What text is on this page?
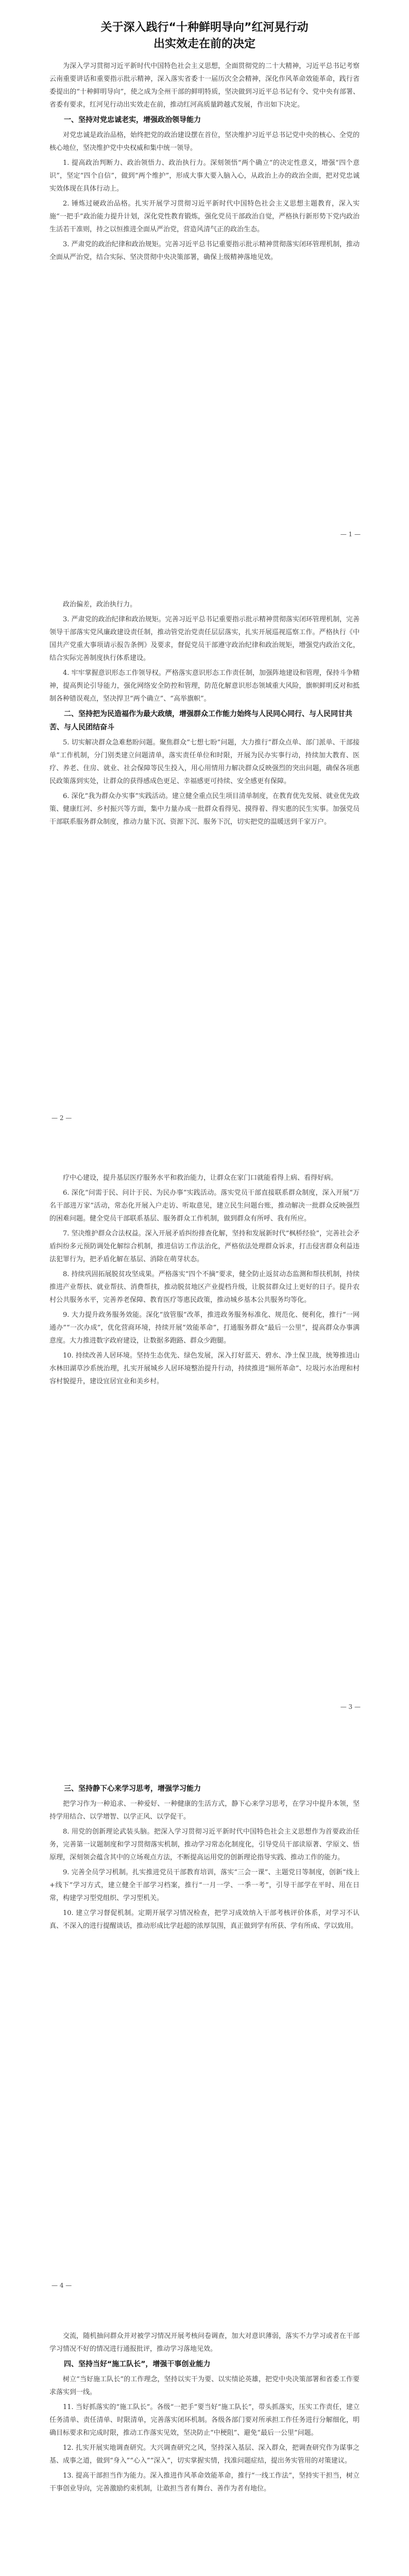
关于深入践行“十种鲜明导向”红河晃行动
出实效走在前的决定

为深入学习贯彻习近平新时代中国特色社会主义思想，全面贯彻党的二十大精神，习近平总书记考察云南重要讲话和重要指示批示精神，深入落实省委十一届历次全会精神，深化作风革命效能革命，践行省委提出的“十种鲜明导向”，使之成为全州干部的鲜明特质，坚决做到习近平总书记有令、党中央有部署、省委有要求，红河见行动出实效走在前，推动红河高质量跨越式发展，作出如下决定。

一、坚持对党忠诚老实，增强政治领导能力

对党忠诚是政治品格，始终把党的政治建设摆在首位，坚决维护习近平总书记党中央的核心、全党的核心地位，坚决维护党中央权威和集中统一领导。

1. 提高政治判断力、政治领悟力、政治执行力。深刻领悟“两个确立”的决定性意义，增强“四个意识”，坚定“四个自信”，做到“两个维护”，形成大事大要入脑入心，从政治上办的政治全面，把对党忠诚实效体现在具体行动上。

2. 锤炼过硬政治品格。扎实开展学习贯彻习近平新时代中国特色社会主义思想主题教育，深入实施“一把手”政治能力提升计划，深化党性教育锻炼，强化党员干部政治自觉，严格执行新形势下党内政治生活若干准则，持之以恒推进全面从严治党，营造风清气正的政治生态。

3. 严肃党的政治纪律和政治规矩。完善习近平总书记重要指示批示精神贯彻落实闭环管理机制，推动全面从严治党，结合实际、坚决贯彻中央决策部署，确保上级精神落地见效。

— 1 —

政治偏差，政治执行力。

3. 严肃党的政治纪律和政治规矩。完善习近平总书记重要指示批示精神贯彻落实闭环管理机制，完善领导干部落实党风廉政建设责任制，推动管党治党责任层层落实，扎实开展巡视巡察工作。严格执行《中国共产党重大事项请示报告条例》及要求，督促党员干部遵守政治纪律和政治规矩，增强党内政治文化，结合实际完善制度执行体系建设。

4. 牢牢掌握意识形态工作领导权。严格落实意识形态工作责任制，加强阵地建设和管理，保持斗争精神，提高舆论引导能力，强化网络安全防控和管理，防范化解意识形态领域重大风险，旗帜鲜明反对和抵制各种错误观点，坚决捍卫“两个确立”、“高举旗帜”。

二、坚持把为民造福作为最大政绩，增强群众工作能力始终与人民同心同行、与人民同甘共苦、与人民团结奋斗

5. 切实解决群众急难愁盼问题。聚焦群众“七想七盼”问题，大力推行“群众点单、部门派单、干部接单”工作机制，分门别类建立问题清单，落实责任单位和时限，开展为民办实事行动，持续加大教育、医疗、养老、住房、就业、社会保障等民生投入，用心用情用力解决群众反映强烈的突出问题，确保各项惠民政策落到实处，让群众的获得感成色更足、幸福感更可持续、安全感更有保障。

6. 深化“我为群众办实事”实践活动。建立健全重点民生项目清单制度，在教育优先发展、就业优先政策、健康红河、乡村振兴等方面，集中力量办成一批群众看得见、摸得着、得实惠的民生实事。加强党员干部联系服务群众制度，推动力量下沉、资源下沉、服务下沉，切实把党的温暖送到千家万户。

— 2 —

疗中心建设，提升基层医疗服务水平和救治能力，让群众在家门口就能看得上病、看得好病。

6. 深化“问需于民、问计于民、为民办事”实践活动。落实党员干部直接联系群众制度，深入开展“万名干部进万家”活动，常态化开展入户走访、听取意见，建立民生问题台账，推动解决一批群众反映强烈的困难问题。健全党员干部联系基层、服务群众工作机制，做到群众有所呼、我有所应。

7. 坚决维护群众合法权益。深入开展矛盾纠纷排查化解，坚持和发展新时代“枫桥经验”，完善社会矛盾纠纷多元预防调处化解综合机制，推进信访工作法治化，严格依法处理群众诉求，打击侵害群众利益违法犯罪行为，把矛盾化解在基层、消除在萌芽状态。

8. 持续巩固拓展脱贫攻坚成果。严格落实“四个不摘”要求，健全防止返贫动态监测和帮扶机制，持续推进产业帮扶、就业帮扶、消费帮扶，推动脱贫地区产业提档升级，让脱贫群众过上更好的日子。提升农村公共服务水平，完善养老保障、教育医疗等惠民政策，推动城乡基本公共服务均等化。

9. 大力提升政务服务效能。深化“放管服”改革，推进政务服务标准化、规范化、便利化，推行“一网通办”“一次办成”，优化营商环境，持续开展“效能革命”，打通服务群众“最后一公里”，提高群众办事满意度。大力推进数字政府建设，让数据多跑路、群众少跑腿。

10. 持续改善人居环境。坚持生态优先、绿色发展，深入打好蓝天、碧水、净土保卫战，统筹推进山水林田湖草沙系统治理，扎实开展城乡人居环境整治提升行动，持续推进“厕所革命”、垃圾污水治理和村容村貌提升，建设宜居宜业和美乡村。

— 3 —

三、坚持静下心来学习思考，增强学习能力

把学习作为一种追求、一种爱好、一种健康的生活方式，静下心来学习思考，在学习中提升本领，坚持学用结合、以学增智、以学正风、以学促干。

8. 用党的创新理论武装头脑。把深入学习贯彻习近平新时代中国特色社会主义思想作为首要政治任务，完善第一议题制度和学习贯彻落实机制，推动学习常态化制度化，引导党员干部读原著、学原文、悟原理，深刻领会蕴含其中的立场观点方法，不断提高运用党的创新理论指导实践、推动工作的能力。

9. 完善全员学习机制。扎实推进党员干部教育培训，落实“三会一课”、主题党日等制度，创新“线上+线下”学习方式，建立健全干部学习档案，推行“一月一学、一季一考”，引导干部学在平时、用在日常，构建学习型党组织、学习型机关。

10. 建立学习督促机制。定期开展学习情况检查，把学习成效纳入干部考核评价体系，对学习不认真、不深入的进行提醒谈话，推动形成比学赶超的浓厚氛围，真正做到学有所获、学有所成、学以致用。

— 4 —

交流，随机抽问群众并对被学习情况开展考核问卷调查，加大对意识薄弱，落实不力学习或者在干部学习情况不好的情况进行通报批评，推动学习落地见效。

四、坚持当好“施工队长”，增强干事创业能力

树立“当好施工队长”的工作理念，坚持以实干为要、以实绩论英雄，把党中央决策部署和省委工作要求落实到一线。

11. 当好抓落实的“施工队长”。各级“一把手”要当好“施工队长”，带头抓落实，压实工作责任，建立任务清单、责任清单、时限清单，完善落实闭环机制。各级各部门要对所承担工作任务进行分解细化，明确目标要求和完成时限，推动工作落实见效，坚决防止“中梗阻”、避免“最后一公里”问题。

12. 扎实开展实地调查研究。大兴调查研究之风，坚持深入基层、深入群众，把调查研究作为谋事之基、成事之道，做到“身入”“心入”“深入”，切实掌握实情，找准问题症结，提出务实管用的对策建议。

13. 提高干部担当作为能力。深入推进作风革命效能革命，推行“一线工作法”，坚持实干担当，树立干事创业导向，完善激励约束机制，让敢担当者有舞台、善作为者有地位。
